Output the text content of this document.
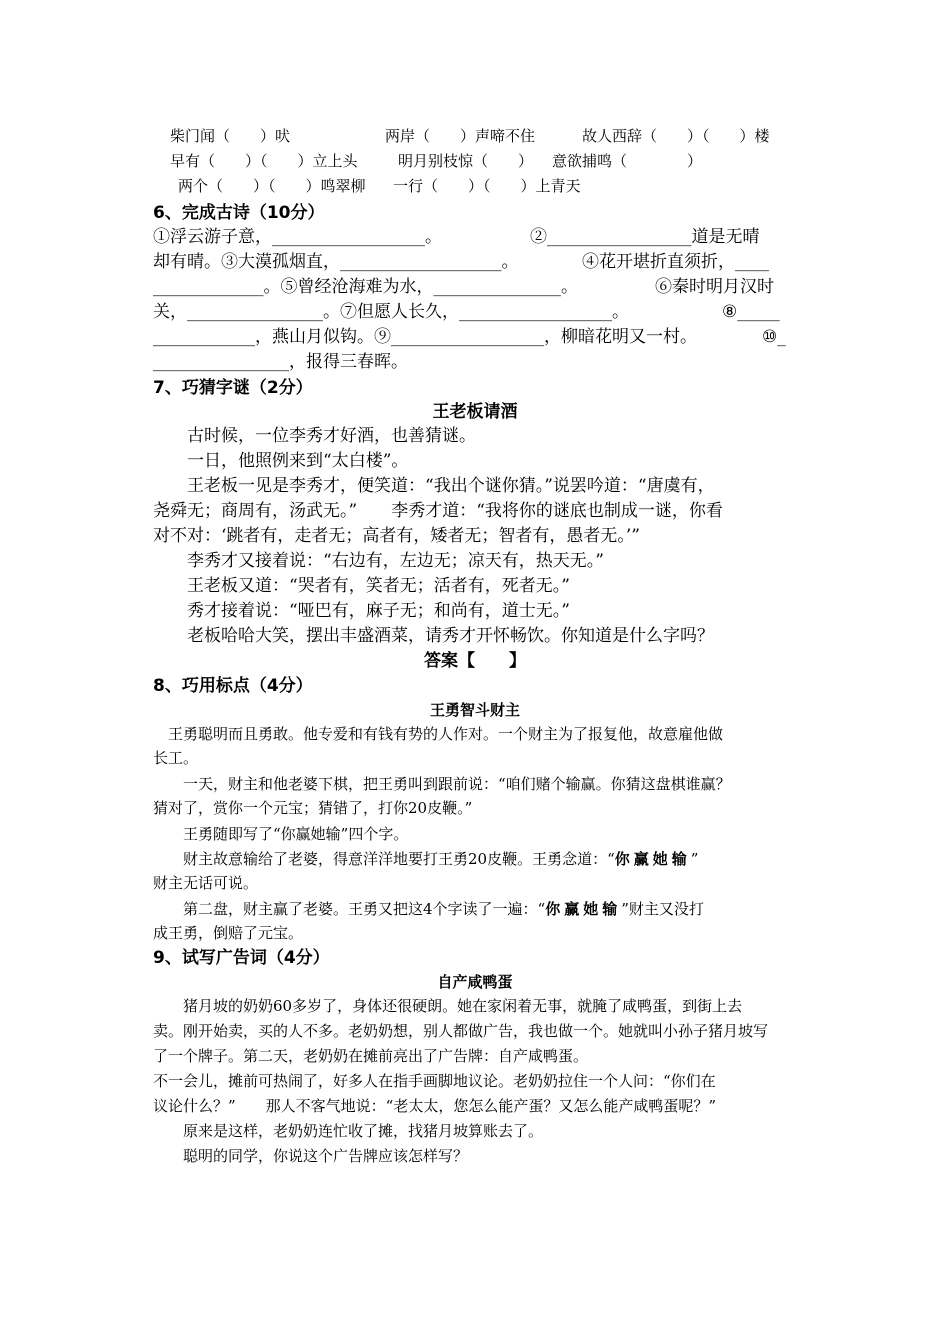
柴门闻（　　）吠	两岸（　　）声啼不住	故人西辞（　　）（　　）楼
早有（　　）（　　）立上头	明月别枝惊（　　） 意欲捕鸣（　　　　）
两个（　　）（　　）鸣翠柳 一行（　　）（　　）上青天
6、完成古诗（10分）
①浮云游子意，__________________。	②_________________道是无晴
却有晴。③大漠孤烟直，___________________。	④花开堪折直须折，____
_____________。⑤曾经沧海难为水，_______________。	⑥秦时明月汉时
关，________________。⑦但愿人长久，__________________。	⑧_____
____________，燕山月似钩。⑨__________________，柳暗花明又一村。	⑩_
________________，报得三春晖。
7、巧猜字谜（2分）
王老板请酒
　　古时候，一位李秀才好酒，也善猜谜。
　　一日，他照例来到“太白楼”。
　　王老板一见是李秀才，便笑道：“我出个谜你猜。”说罢吟道：“唐虞有，
尧舜无；商周有，汤武无。”　　李秀才道：“我将你的谜底也制成一谜，你看
对不对：‘跳者有，走者无；高者有，矮者无；智者有，愚者无。’”
　　李秀才又接着说：“右边有，左边无；凉天有，热天无。”
　　王老板又道：“哭者有，笑者无；活者有，死者无。”
　　秀才接着说：“哑巴有，麻子无；和尚有，道士无。”
　　老板哈哈大笑，摆出丰盛酒菜，请秀才开怀畅饮。你知道是什么字吗？
答案【　　】
8、巧用标点（4分）
王勇智斗财主
　王勇聪明而且勇敢。他专爱和有钱有势的人作对。一个财主为了报复他，故意雇他做
长工。
　　一天，财主和他老婆下棋，把王勇叫到跟前说：“咱们赌个输赢。你猜这盘棋谁赢？
猜对了，赏你一个元宝；猜错了，打你20皮鞭。”
　　王勇随即写了“你赢她输”四个字。
　　财主故意输给了老婆，得意洋洋地要打王勇20皮鞭。王勇念道：“你赢她输”
财主无话可说。
　　第二盘，财主赢了老婆。王勇又把这4个字读了一遍：“你赢她输”财主又没打
成王勇，倒赔了元宝。
9、试写广告词（4分）
自产咸鸭蛋
　　猪月坡的奶奶60多岁了，身体还很硬朗。她在家闲着无事，就腌了咸鸭蛋，到街上去
卖。刚开始卖，买的人不多。老奶奶想，别人都做广告，我也做一个。她就叫小孙子猪月坡写
了一个牌子。第二天，老奶奶在摊前亮出了广告牌：自产咸鸭蛋。
不一会儿，摊前可热闹了，好多人在指手画脚地议论。老奶奶拉住一个人问：“你们在
议论什么？”　　那人不客气地说：“老太太，您怎么能产蛋？又怎么能产咸鸭蛋呢？”
　　原来是这样，老奶奶连忙收了摊，找猪月坡算账去了。
　　聪明的同学，你说这个广告牌应该怎样写？
